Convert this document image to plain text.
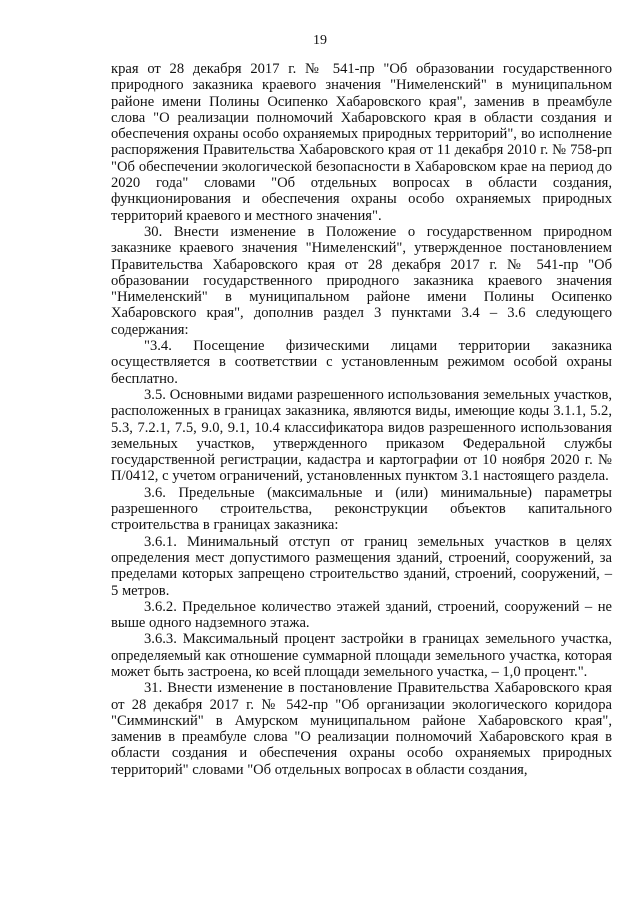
19

края от 28 декабря 2017 г. № 541-пр "Об образовании государственного природного заказника краевого значения "Нимеленский" в муниципальном районе имени Полины Осипенко Хабаровского края", заменив в преамбуле слова "О реализации полномочий Хабаровского края в области создания и обеспечения охраны особо охраняемых природных территорий", во исполнение распоряжения Правительства Хабаровского края от 11 декабря 2010 г. № 758-рп "Об обеспечении экологической безопасности в Хабаровском крае на период до 2020 года" словами "Об отдельных вопросах в области создания, функционирования и обеспечения охраны особо охраняемых природных территорий краевого и местного значения".

30. Внести изменение в Положение о государственном природном заказнике краевого значения "Нимеленский", утвержденное постановлением Правительства Хабаровского края от 28 декабря 2017 г. № 541-пр "Об образовании государственного природного заказника краевого значения "Нимеленский" в муниципальном районе имени Полины Осипенко Хабаровского края", дополнив раздел 3 пунктами 3.4 – 3.6 следующего содержания:

"3.4. Посещение физическими лицами территории заказника осуществляется в соответствии с установленным режимом особой охраны бесплатно.

3.5. Основными видами разрешенного использования земельных участков, расположенных в границах заказника, являются виды, имеющие коды 3.1.1, 5.2, 5.3, 7.2.1, 7.5, 9.0, 9.1, 10.4 классификатора видов разрешенного использования земельных участков, утвержденного приказом Федеральной службы государственной регистрации, кадастра и картографии от 10 ноября 2020 г. № П/0412, с учетом ограничений, установленных пунктом 3.1 настоящего раздела.

3.6. Предельные (максимальные и (или) минимальные) параметры разрешенного строительства, реконструкции объектов капитального строительства в границах заказника:

3.6.1. Минимальный отступ от границ земельных участков в целях определения мест допустимого размещения зданий, строений, сооружений, за пределами которых запрещено строительство зданий, строений, сооружений, – 5 метров.

3.6.2. Предельное количество этажей зданий, строений, сооружений – не выше одного надземного этажа.

3.6.3. Максимальный процент застройки в границах земельного участка, определяемый как отношение суммарной площади земельного участка, которая может быть застроена, ко всей площади земельного участка, – 1,0 процент.".

31. Внести изменение в постановление Правительства Хабаровского края от 28 декабря 2017 г. № 542-пр "Об организации экологического коридора "Симминский" в Амурском муниципальном районе Хабаровского края", заменив в преамбуле слова "О реализации полномочий Хабаровского края в области создания и обеспечения охраны особо охраняемых природных территорий" словами "Об отдельных вопросах в области создания,
